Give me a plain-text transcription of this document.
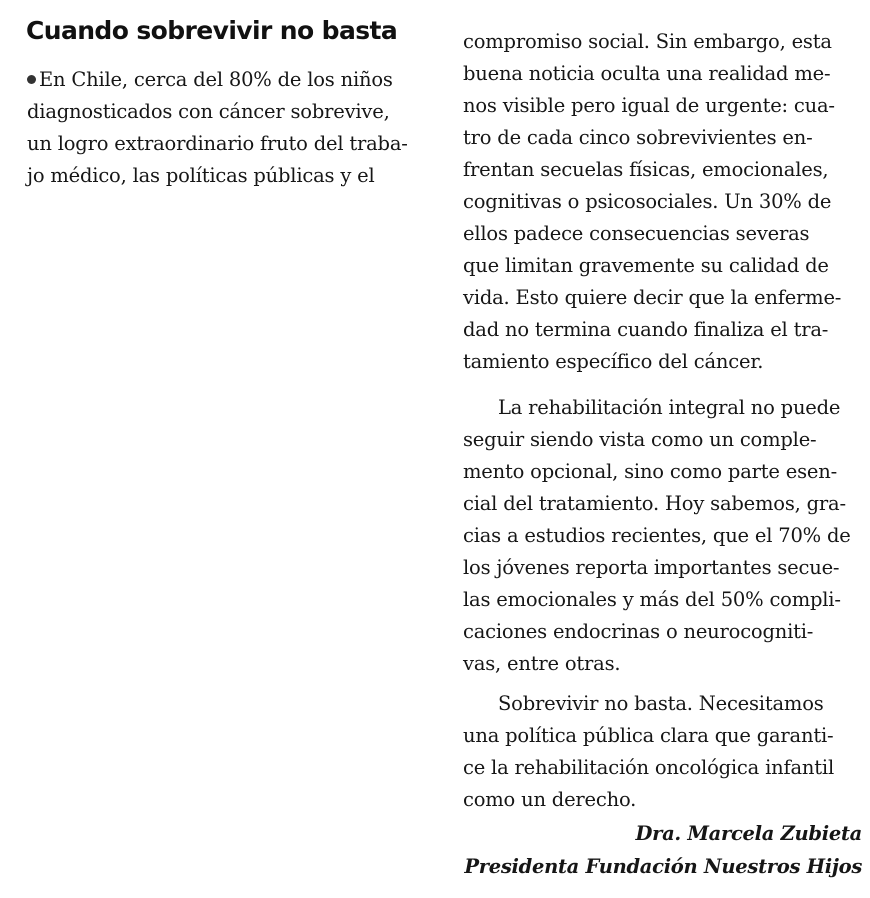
Cuando sobrevivir no basta
En Chile, cerca del 80% de los niños
diagnosticados con cáncer sobrevive,
un logro extraordinario fruto del traba-
jo médico, las políticas públicas y el
compromiso social. Sin embargo, esta
buena noticia oculta una realidad me-
nos visible pero igual de urgente: cua-
tro de cada cinco sobrevivientes en-
frentan secuelas físicas, emocionales,
cognitivas o psicosociales. Un 30% de
ellos padece consecuencias severas
que limitan gravemente su calidad de
vida. Esto quiere decir que la enferme-
dad no termina cuando finaliza el tra-
tamiento específico del cáncer.
La rehabilitación integral no puede
seguir siendo vista como un comple-
mento opcional, sino como parte esen-
cial del tratamiento. Hoy sabemos, gra-
cias a estudios recientes, que el 70% de
los jóvenes reporta importantes secue-
las emocionales y más del 50% compli-
caciones endocrinas o neurocogniti-
vas, entre otras.
Sobrevivir no basta. Necesitamos
una política pública clara que garanti-
ce la rehabilitación oncológica infantil
como un derecho.
Dra. Marcela Zubieta
Presidenta Fundación Nuestros Hijos
